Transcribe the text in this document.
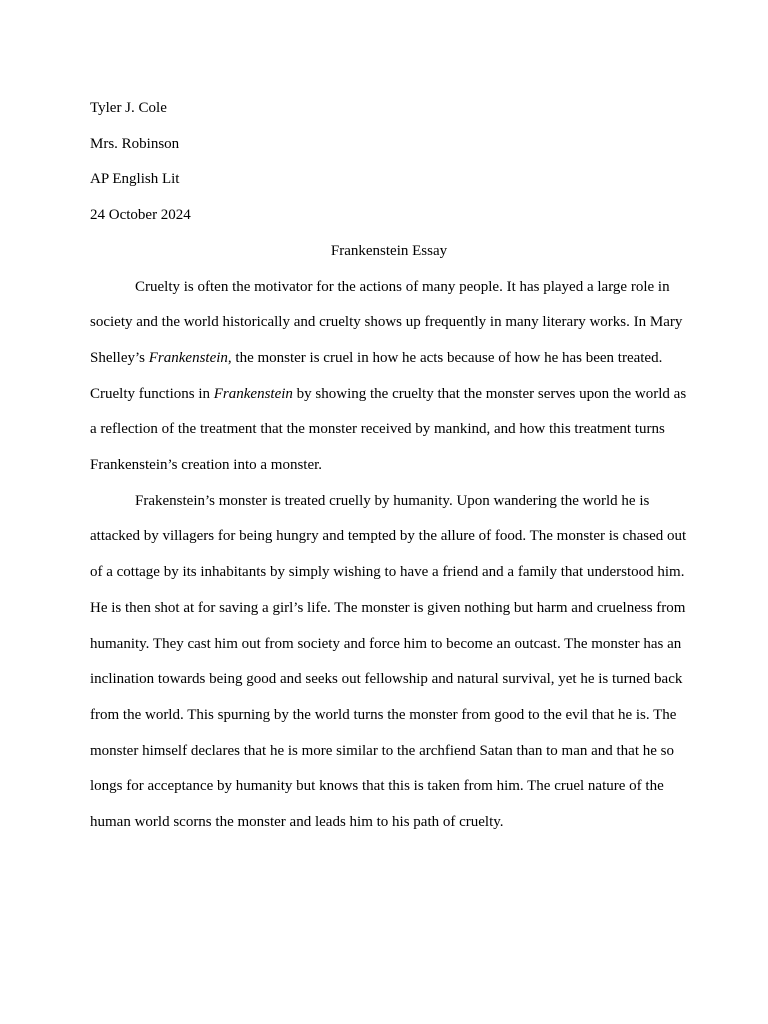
Tyler J. Cole

Mrs. Robinson

AP English Lit

24 October 2024

Frankenstein Essay

Cruelty is often the motivator for the actions of many people. It has played a large role in society and the world historically and cruelty shows up frequently in many literary works. In Mary Shelley’s Frankenstein, the monster is cruel in how he acts because of how he has been treated. Cruelty functions in Frankenstein by showing the cruelty that the monster serves upon the world as a reflection of the treatment that the monster received by mankind, and how this treatment turns Frankenstein’s creation into a monster.

Frakenstein’s monster is treated cruelly by humanity. Upon wandering the world he is attacked by villagers for being hungry and tempted by the allure of food. The monster is chased out of a cottage by its inhabitants by simply wishing to have a friend and a family that understood him. He is then shot at for saving a girl’s life. The monster is given nothing but harm and cruelness from humanity. They cast him out from society and force him to become an outcast. The monster has an inclination towards being good and seeks out fellowship and natural survival, yet he is turned back from the world. This spurning by the world turns the monster from good to the evil that he is. The monster himself declares that he is more similar to the archfiend Satan than to man and that he so longs for acceptance by humanity but knows that this is taken from him. The cruel nature of the human world scorns the monster and leads him to his path of cruelty.
